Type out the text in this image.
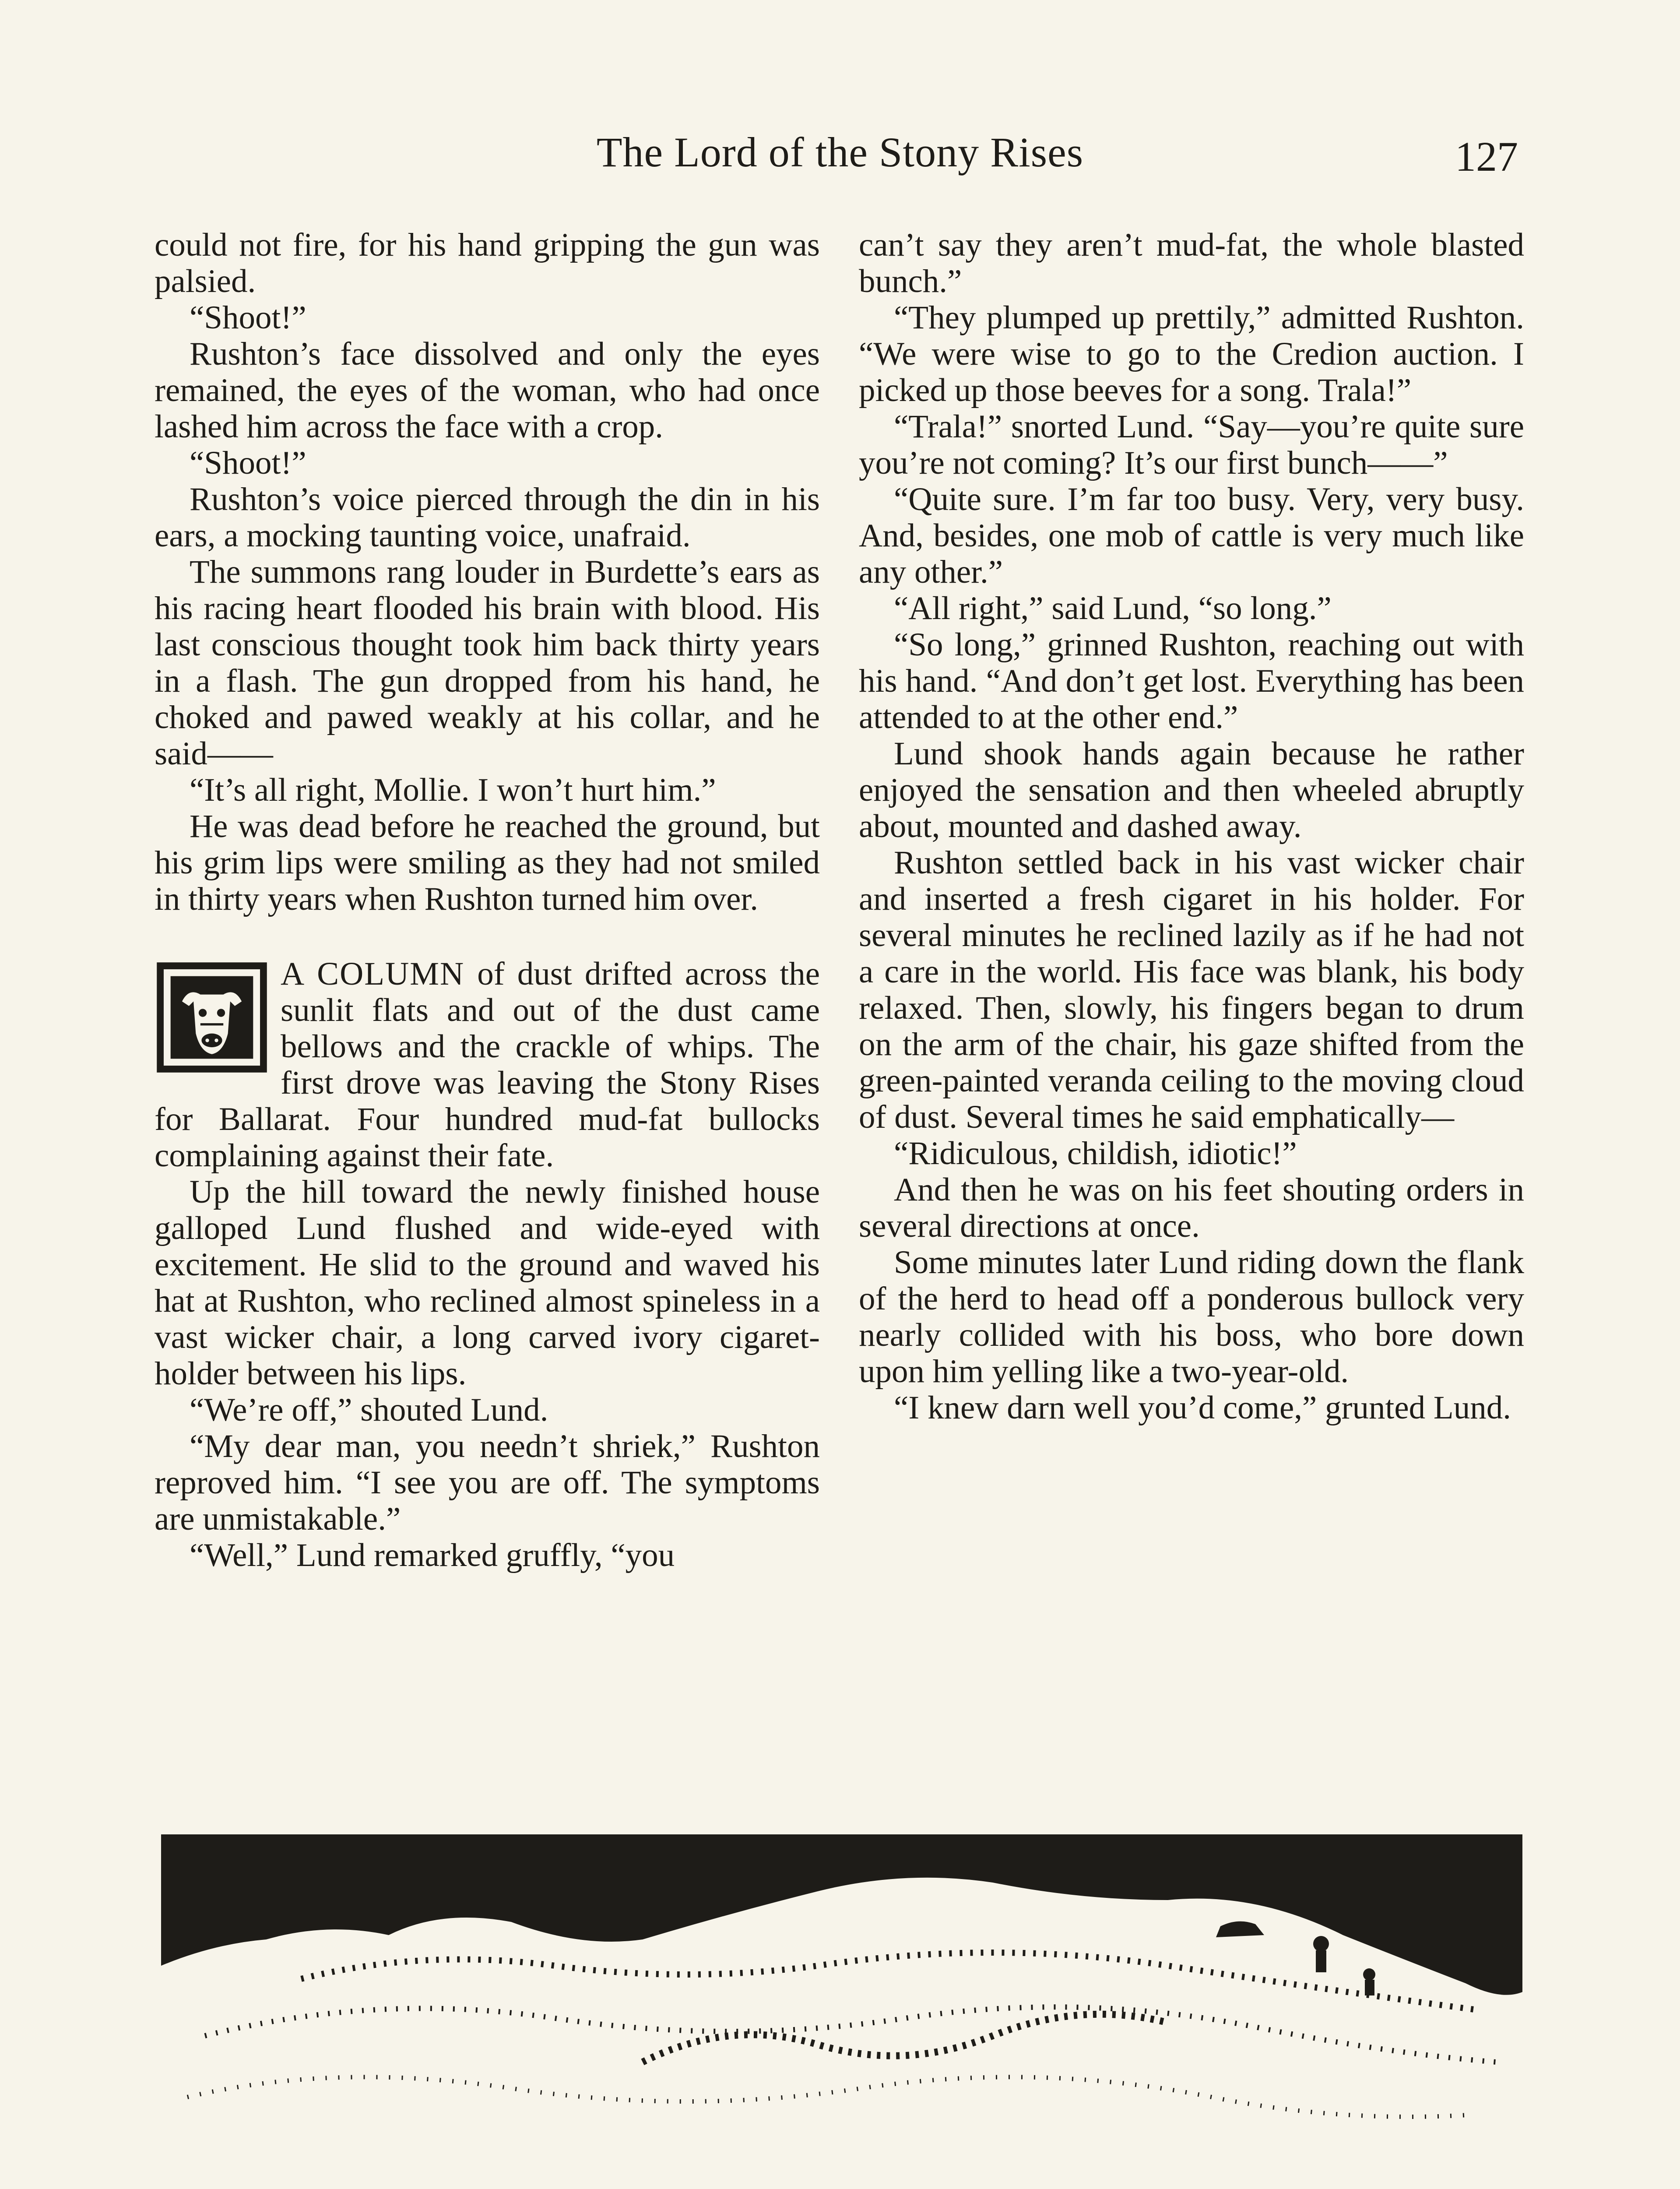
The Lord of the Stony Rises	127

could not fire, for his hand gripping the gun was palsied.

“Shoot!”

Rushton’s face dissolved and only the eyes remained, the eyes of the woman, who had once lashed him across the face with a crop.

“Shoot!”

Rushton’s voice pierced through the din in his ears, a mocking taunting voice, unafraid.

The summons rang louder in Burdette’s ears as his racing heart flooded his brain with blood. His last conscious thought took him back thirty years in a flash. The gun dropped from his hand, he choked and pawed weakly at his collar, and he said——

“It’s all right, Mollie. I won’t hurt him.”

He was dead before he reached the ground, but his grim lips were smiling as they had not smiled in thirty years when Rushton turned him over.

A COLUMN of dust drifted across the sunlit flats and out of the dust came bellows and the crackle of whips. The first drove was leaving the Stony Rises for Ballarat. Four hundred mud-fat bullocks complaining against their fate.

Up the hill toward the newly finished house galloped Lund flushed and wide-eyed with excitement. He slid to the ground and waved his hat at Rushton, who reclined almost spineless in a vast wicker chair, a long carved ivory cigaret-holder between his lips.

“We’re off,” shouted Lund.

“My dear man, you needn’t shriek,” Rushton reproved him. “I see you are off. The symptoms are unmistakable.”

“Well,” Lund remarked gruffly, “you

can’t say they aren’t mud-fat, the whole blasted bunch.”

“They plumped up prettily,” admitted Rushton. “We were wise to go to the Credion auction. I picked up those beeves for a song. Trala!”

“Trala!” snorted Lund. “Say—you’re quite sure you’re not coming? It’s our first bunch——”

“Quite sure. I’m far too busy. Very, very busy. And, besides, one mob of cattle is very much like any other.”

“All right,” said Lund, “so long.”

“So long,” grinned Rushton, reaching out with his hand. “And don’t get lost. Everything has been attended to at the other end.”

Lund shook hands again because he rather enjoyed the sensation and then wheeled abruptly about, mounted and dashed away.

Rushton settled back in his vast wicker chair and inserted a fresh cigaret in his holder. For several minutes he reclined lazily as if he had not a care in the world. His face was blank, his body relaxed. Then, slowly, his fingers began to drum on the arm of the chair, his gaze shifted from the green-painted veranda ceiling to the moving cloud of dust. Several times he said emphatically—

“Ridiculous, childish, idiotic!”

And then he was on his feet shouting orders in several directions at once.

Some minutes later Lund riding down the flank of the herd to head off a ponderous bullock very nearly collided with his boss, who bore down upon him yelling like a two-year-old.

“I knew darn well you’d come,” grunted Lund.
